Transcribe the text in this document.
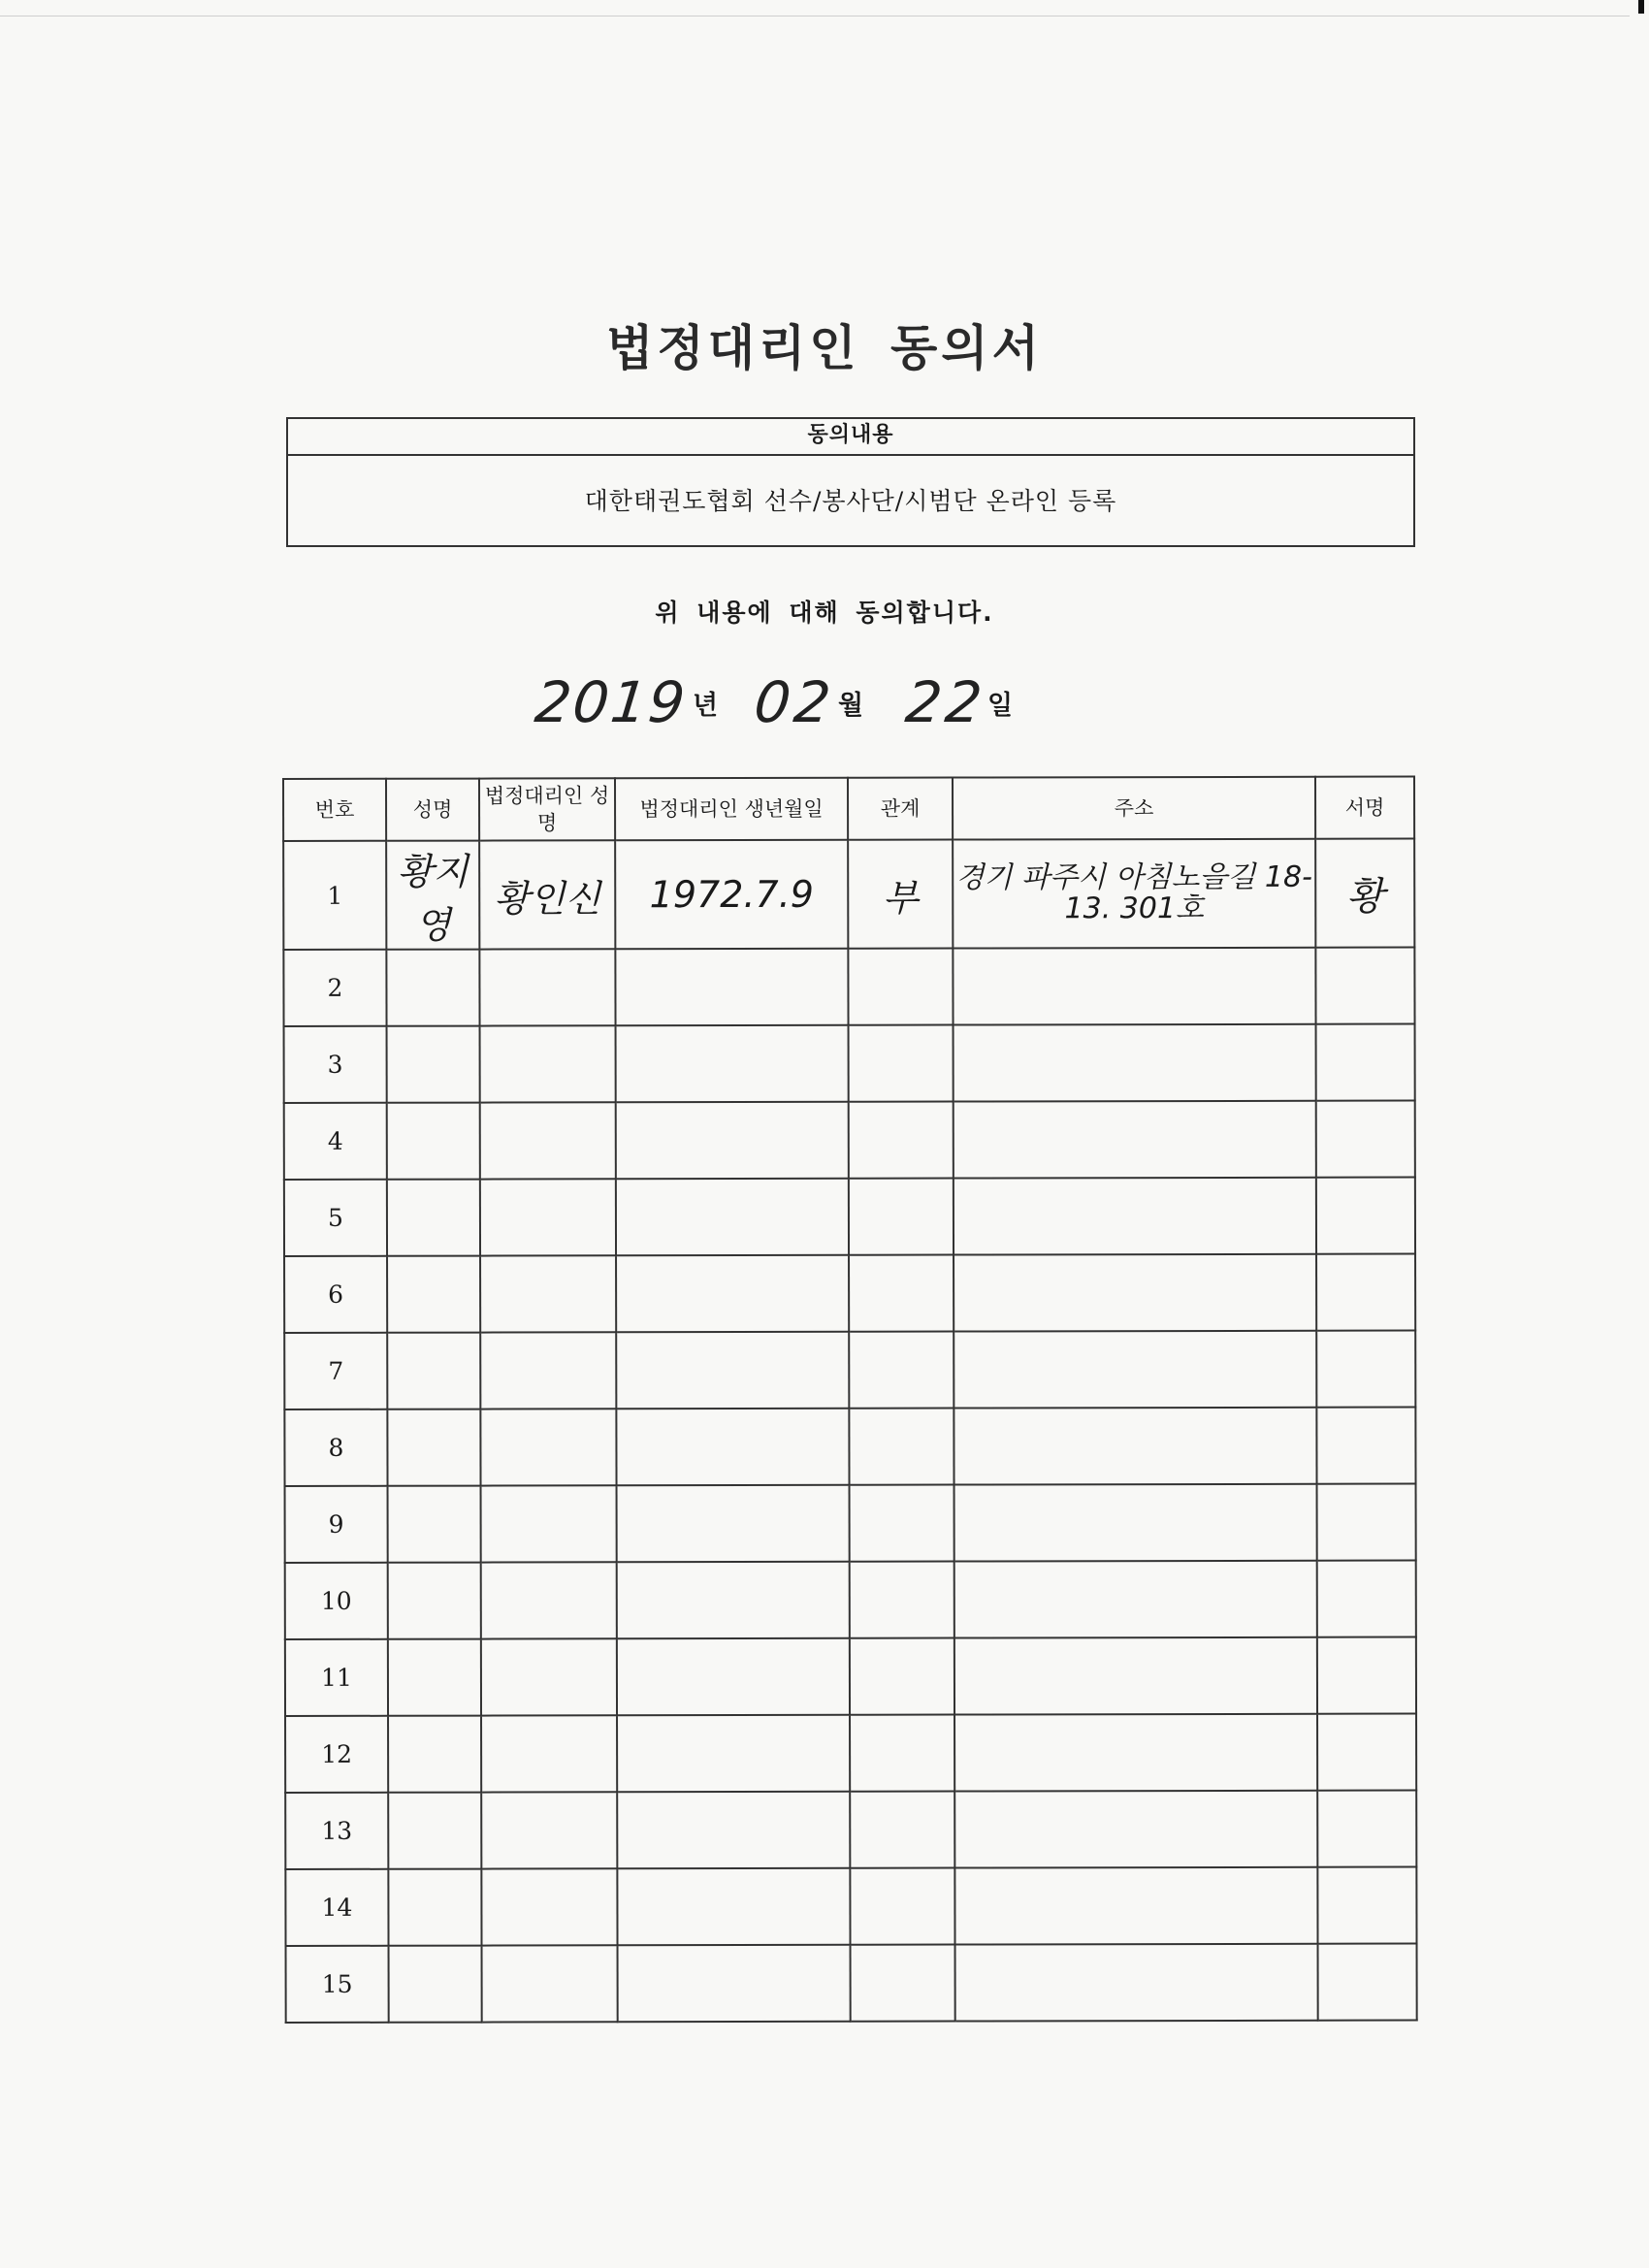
법정대리인 동의서
동의내용
대한태권도협회 선수/봉사단/시범단 온라인 등록
위 내용에 대해 동의합니다.
2019 년 02 월 22
일
번호	성명	법정대리인 성명	법정대리인 생년월일	관계	주소	서명
1	황지영	황인신	1972.7.9	부	경기 파주시 아침노을길 18-13. 301호	황
2						
3						
4						
5						
6						
7						
8						
9						
10						
11						
12						
13						
14						
15						
